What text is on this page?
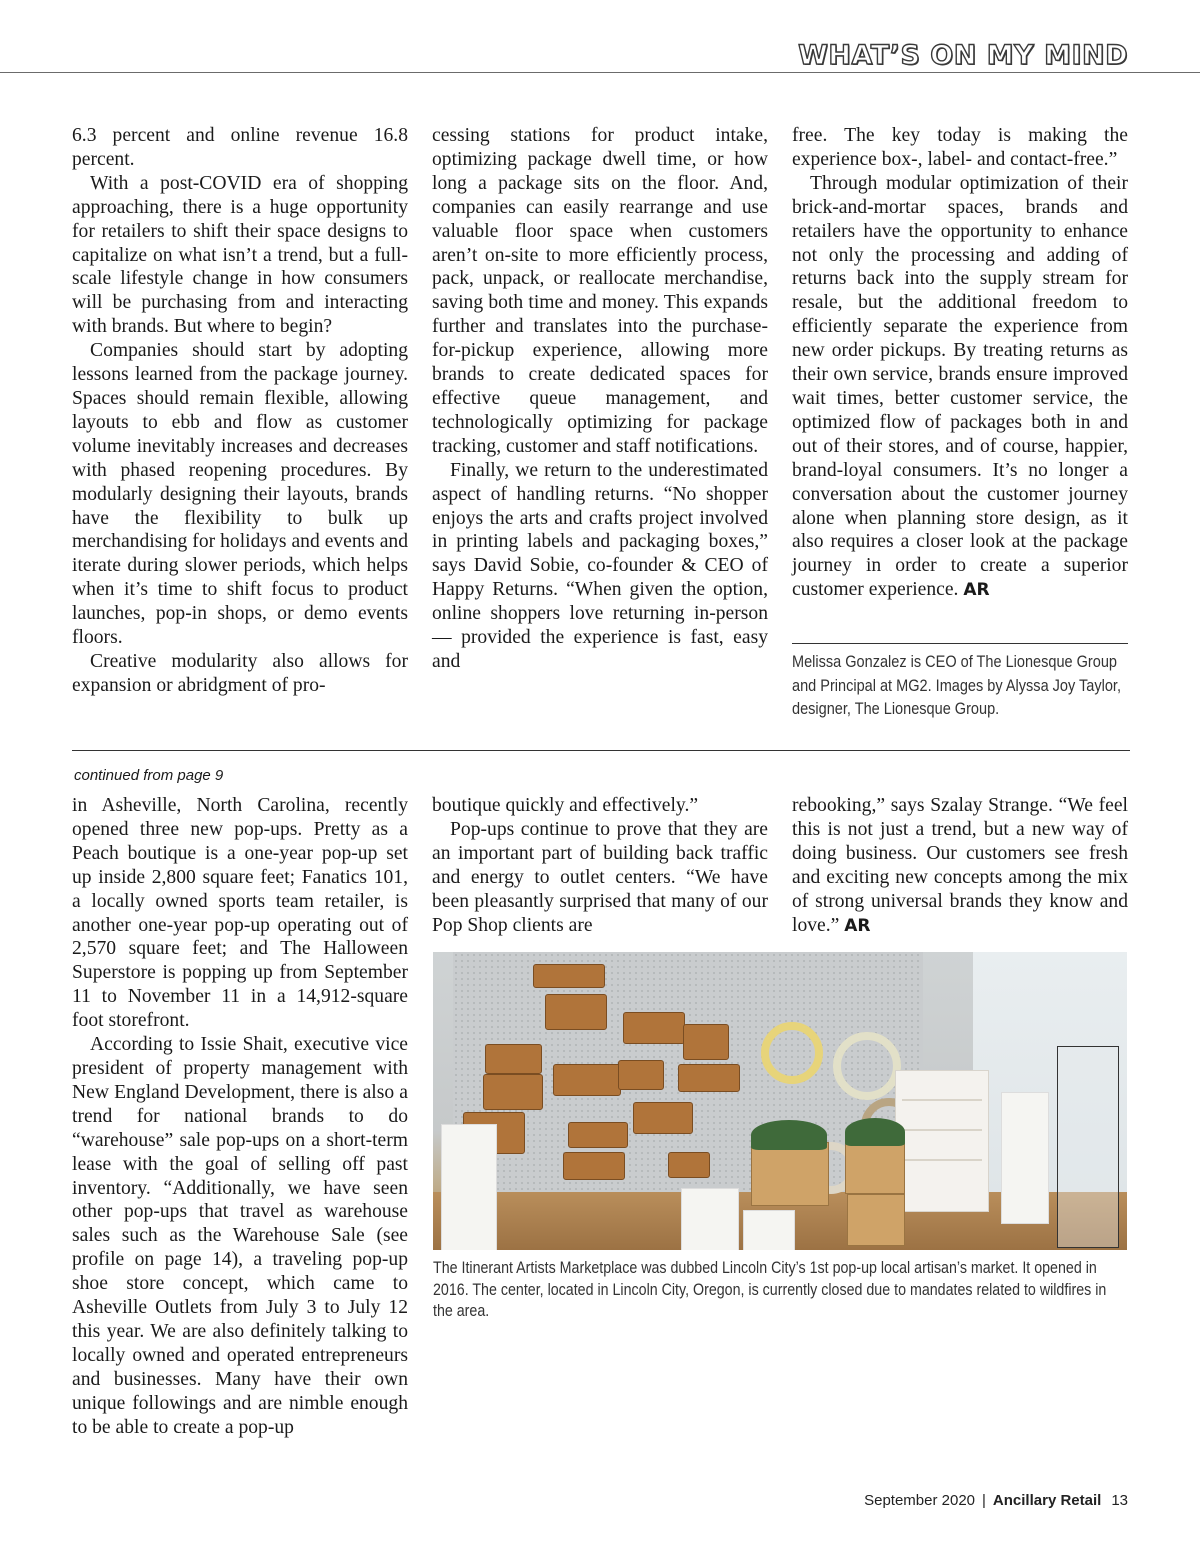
WHAT’S ON MY MIND

6.3 percent and online revenue 16.8 percent.

With a post-COVID era of shopping approaching, there is a huge opportunity for retailers to shift their space designs to capitalize on what isn’t a trend, but a full-scale lifestyle change in how consumers will be purchasing from and interacting with brands. But where to begin?

Companies should start by adopting lessons learned from the package journey. Spaces should remain flexible, allowing layouts to ebb and flow as customer volume inevitably increases and decreases with phased reopening procedures. By modularly designing their layouts, brands have the flexibility to bulk up merchandising for holidays and events and iterate during slower periods, which helps when it’s time to shift focus to product launches, pop-in shops, or demo events floors.

Creative modularity also allows for expansion or abridgment of pro-

cessing stations for product intake, optimizing package dwell time, or how long a package sits on the floor. And, companies can easily rearrange and use valuable floor space when customers aren’t on-site to more efficiently process, pack, unpack, or reallocate merchandise, saving both time and money. This expands further and translates into the purchase-for-pickup experience, allowing more brands to create dedicated spaces for effective queue management, and technologically optimizing for package tracking, customer and staff notifications.

Finally, we return to the underestimated aspect of handling returns. “No shopper enjoys the arts and crafts project involved in printing labels and packaging boxes,” says David Sobie, co-founder & CEO of Happy Returns. “When given the option, online shoppers love returning in-person — provided the experience is fast, easy and

free. The key today is making the experience box-, label- and contact-free.”

Through modular optimization of their brick-and-mortar spaces, brands and retailers have the opportunity to enhance not only the processing and adding of returns back into the supply stream for resale, but the additional freedom to efficiently separate the experience from new order pickups. By treating returns as their own service, brands ensure improved wait times, better customer service, the optimized flow of packages both in and out of their stores, and of course, happier, brand-loyal consumers. It’s no longer a conversation about the customer journey alone when planning store design, as it also requires a closer look at the package journey in order to create a superior customer experience. AR

Melissa Gonzalez is CEO of The Lionesque Group and Principal at MG2. Images by Alyssa Joy Taylor, designer, The Lionesque Group.
continued from page 9

in Asheville, North Carolina, recently opened three new pop-ups. Pretty as a Peach boutique is a one-year pop-up set up inside 2,800 square feet; Fanatics 101, a locally owned sports team retailer, is another one-year pop-up operating out of 2,570 square feet; and The Halloween Superstore is popping up from September 11 to November 11 in a 14,912-square foot storefront.

According to Issie Shait, executive vice president of property management with New England Development, there is also a trend for national brands to do “warehouse” sale pop-ups on a short-term lease with the goal of selling off past inventory. “Additionally, we have seen other pop-ups that travel as warehouse sales such as the Warehouse Sale (see profile on page 14), a traveling pop-up shoe store concept, which came to Asheville Outlets from July 3 to July 12 this year. We are also definitely talking to locally owned and operated entrepreneurs and businesses. Many have their own unique followings and are nimble enough to be able to create a pop-up

boutique quickly and effectively.”

Pop-ups continue to prove that they are an important part of building back traffic and energy to outlet centers. “We have been pleasantly surprised that many of our Pop Shop clients are

rebooking,” says Szalay Strange. “We feel this is not just a trend, but a new way of doing business. Our customers see fresh and exciting new concepts among the mix of strong universal brands they know and love.” AR

The Itinerant Artists Marketplace was dubbed Lincoln City’s 1st pop-up local artisan’s market. It opened in 2016. The center, located in Lincoln City, Oregon, is currently closed due to mandates related to wildfires in the area.
September 2020 | Ancillary Retail 13
